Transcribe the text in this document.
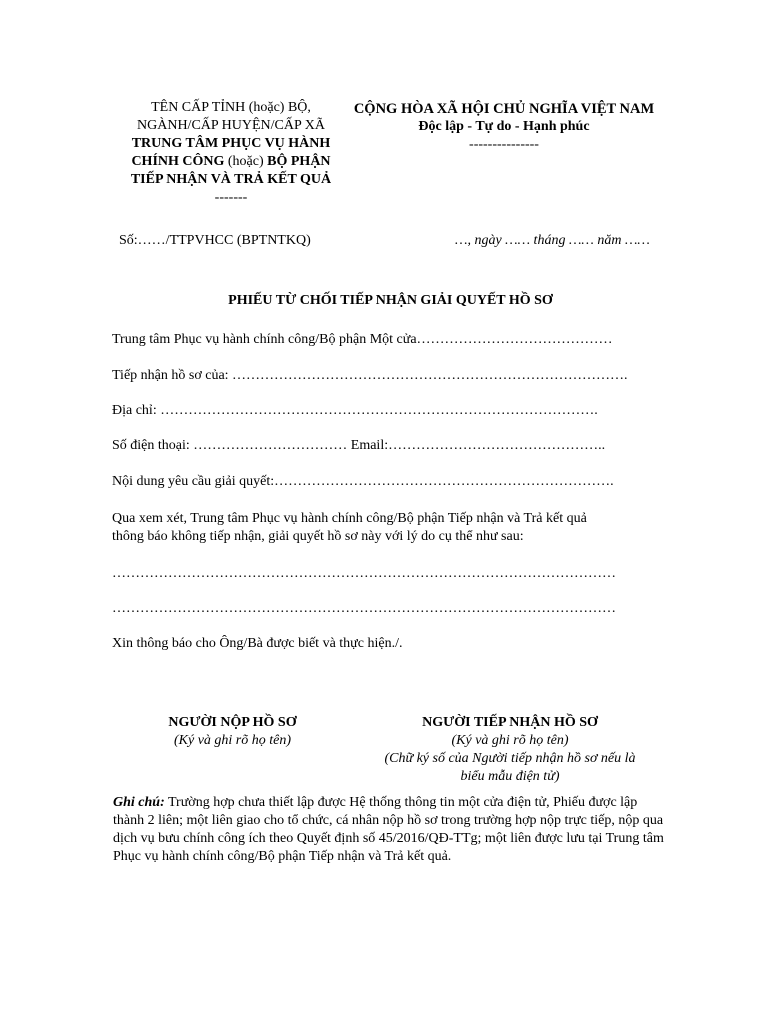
TÊN CẤP TỈNH (hoặc) BỘ,
NGÀNH/CẤP HUYỆN/CẤP XÃ
TRUNG TÂM PHỤC VỤ HÀNH
CHÍNH CÔNG (hoặc) BỘ PHẬN
TIẾP NHẬN VÀ TRẢ KẾT QUẢ
-------
CỘNG HÒA XÃ HỘI CHỦ NGHĨA VIỆT NAM
Độc lập - Tự do - Hạnh phúc
---------------
Số:……/TTPVHCC (BPTNTKQ)	…, ngày …… tháng …… năm ……
PHIẾU TỪ CHỐI TIẾP NHẬN GIẢI QUYẾT HỒ SƠ
Trung tâm Phục vụ hành chính công/Bộ phận Một cửa……………………………………
Tiếp nhận hồ sơ của: ………………………………………………………………………….
Địa chỉ: ………………………………………………………………………………….
Số điện thoại: …………………………… Email:………………………………………..
Nội dung yêu cầu giải quyết:……………………………………………………………….
Qua xem xét, Trung tâm Phục vụ hành chính công/Bộ phận Tiếp nhận và Trả kết quả
thông báo không tiếp nhận, giải quyết hồ sơ này với lý do cụ thể như sau:
………………………………………………………………………………………………
………………………………………………………………………………………………
Xin thông báo cho Ông/Bà được biết và thực hiện./.
NGƯỜI NỘP HỒ SƠ
(Ký và ghi rõ họ tên)
NGƯỜI TIẾP NHẬN HỒ SƠ
(Ký và ghi rõ họ tên)
(Chữ ký số của Người tiếp nhận hồ sơ nếu là
biểu mẫu điện tử)
Ghi chú: Trường hợp chưa thiết lập được Hệ thống thông tin một cửa điện tử, Phiếu được lập thành 2 liên; một liên giao cho tổ chức, cá nhân nộp hồ sơ trong trường hợp nộp trực tiếp, nộp qua dịch vụ bưu chính công ích theo Quyết định số 45/2016/QĐ-TTg; một liên được lưu tại Trung tâm Phục vụ hành chính công/Bộ phận Tiếp nhận và Trả kết quả.
